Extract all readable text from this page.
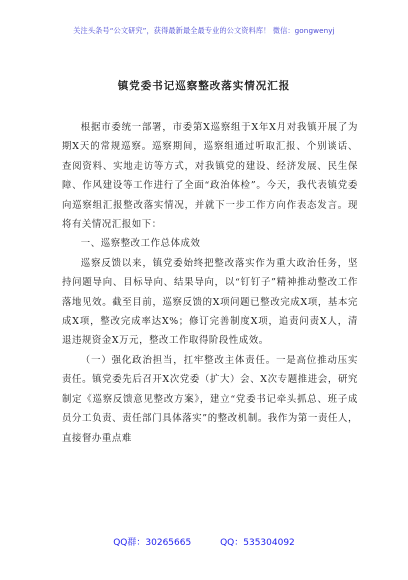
关注头条号“公文研究”，获得最新最全最专业的公文资料库！ 微信：gongwenyj
镇党委书记巡察整改落实情况汇报

根据市委统一部署，市委第X巡察组于X年X月对我镇开展了为期X天的常规巡察。巡察期间，巡察组通过听取汇报、个别谈话、查阅资料、实地走访等方式，对我镇党的建设、经济发展、民生保障、作风建设等工作进行了全面“政治体检”。今天，我代表镇党委向巡察组汇报整改落实情况，并就下一步工作方向作表态发言。现将有关情况汇报如下：

一、巡察整改工作总体成效

巡察反馈以来，镇党委始终把整改落实作为重大政治任务，坚持问题导向、目标导向、结果导向，以“钉钉子”精神推动整改工作落地见效。截至目前，巡察反馈的X项问题已整改完成X项，基本完成X项，整改完成率达X%；修订完善制度X项，追责问责X人，清退违规资金X万元，整改工作取得阶段性成效。

（一）强化政治担当，扛牢整改主体责任。一是高位推动压实责任。镇党委先后召开X次党委（扩大）会、X次专题推进会，研究制定《巡察反馈意见整改方案》，建立“党委书记牵头抓总、班子成员分工负责、责任部门具体落实”的整改机制。我作为第一责任人，直接督办重点难

QQ群：30265665	QQ：535304092
